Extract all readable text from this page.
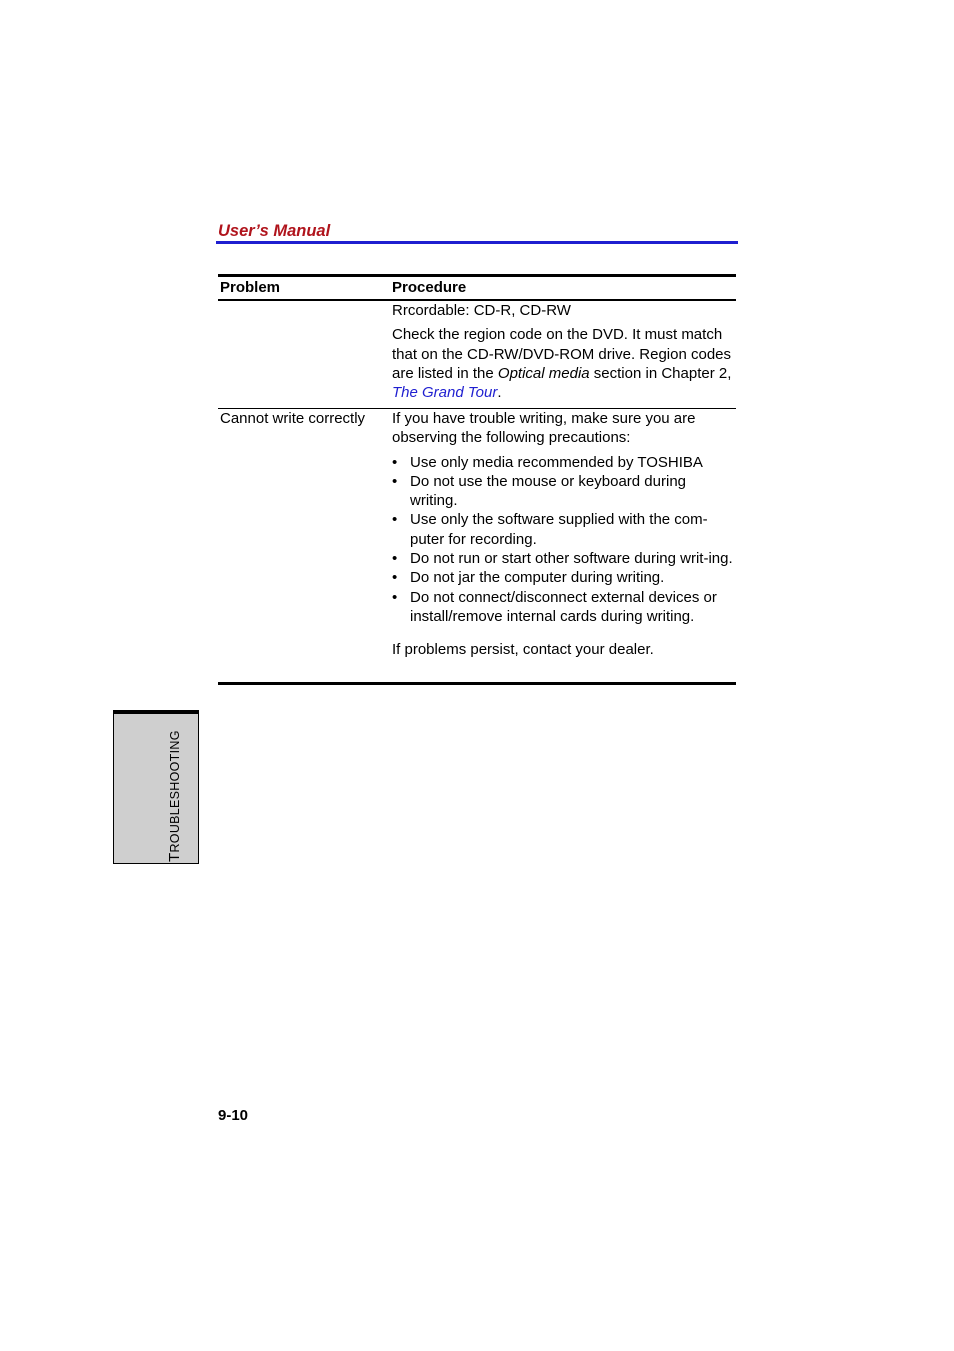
User’s Manual
Problem	Procedure

Rrcordable: CD-R, CD-RW

Check the region code on the DVD. It must match that on the CD-RW/DVD-ROM drive. Region codes are listed in the Optical media section in Chapter 2, The Grand Tour.

Cannot write correctly If you have trouble writing, make sure you are observing the following precautions:

• Use only media recommended by TOSHIBA
• Do not use the mouse or keyboard during writing.
• Use only the software supplied with the com-puter for recording.
• Do not run or start other software during writ-ing.
• Do not jar the computer during writing.
• Do not connect/disconnect external devices or install/remove internal cards during writing.

If problems persist, contact your dealer.

TROUBLESHOOTING
9-10
